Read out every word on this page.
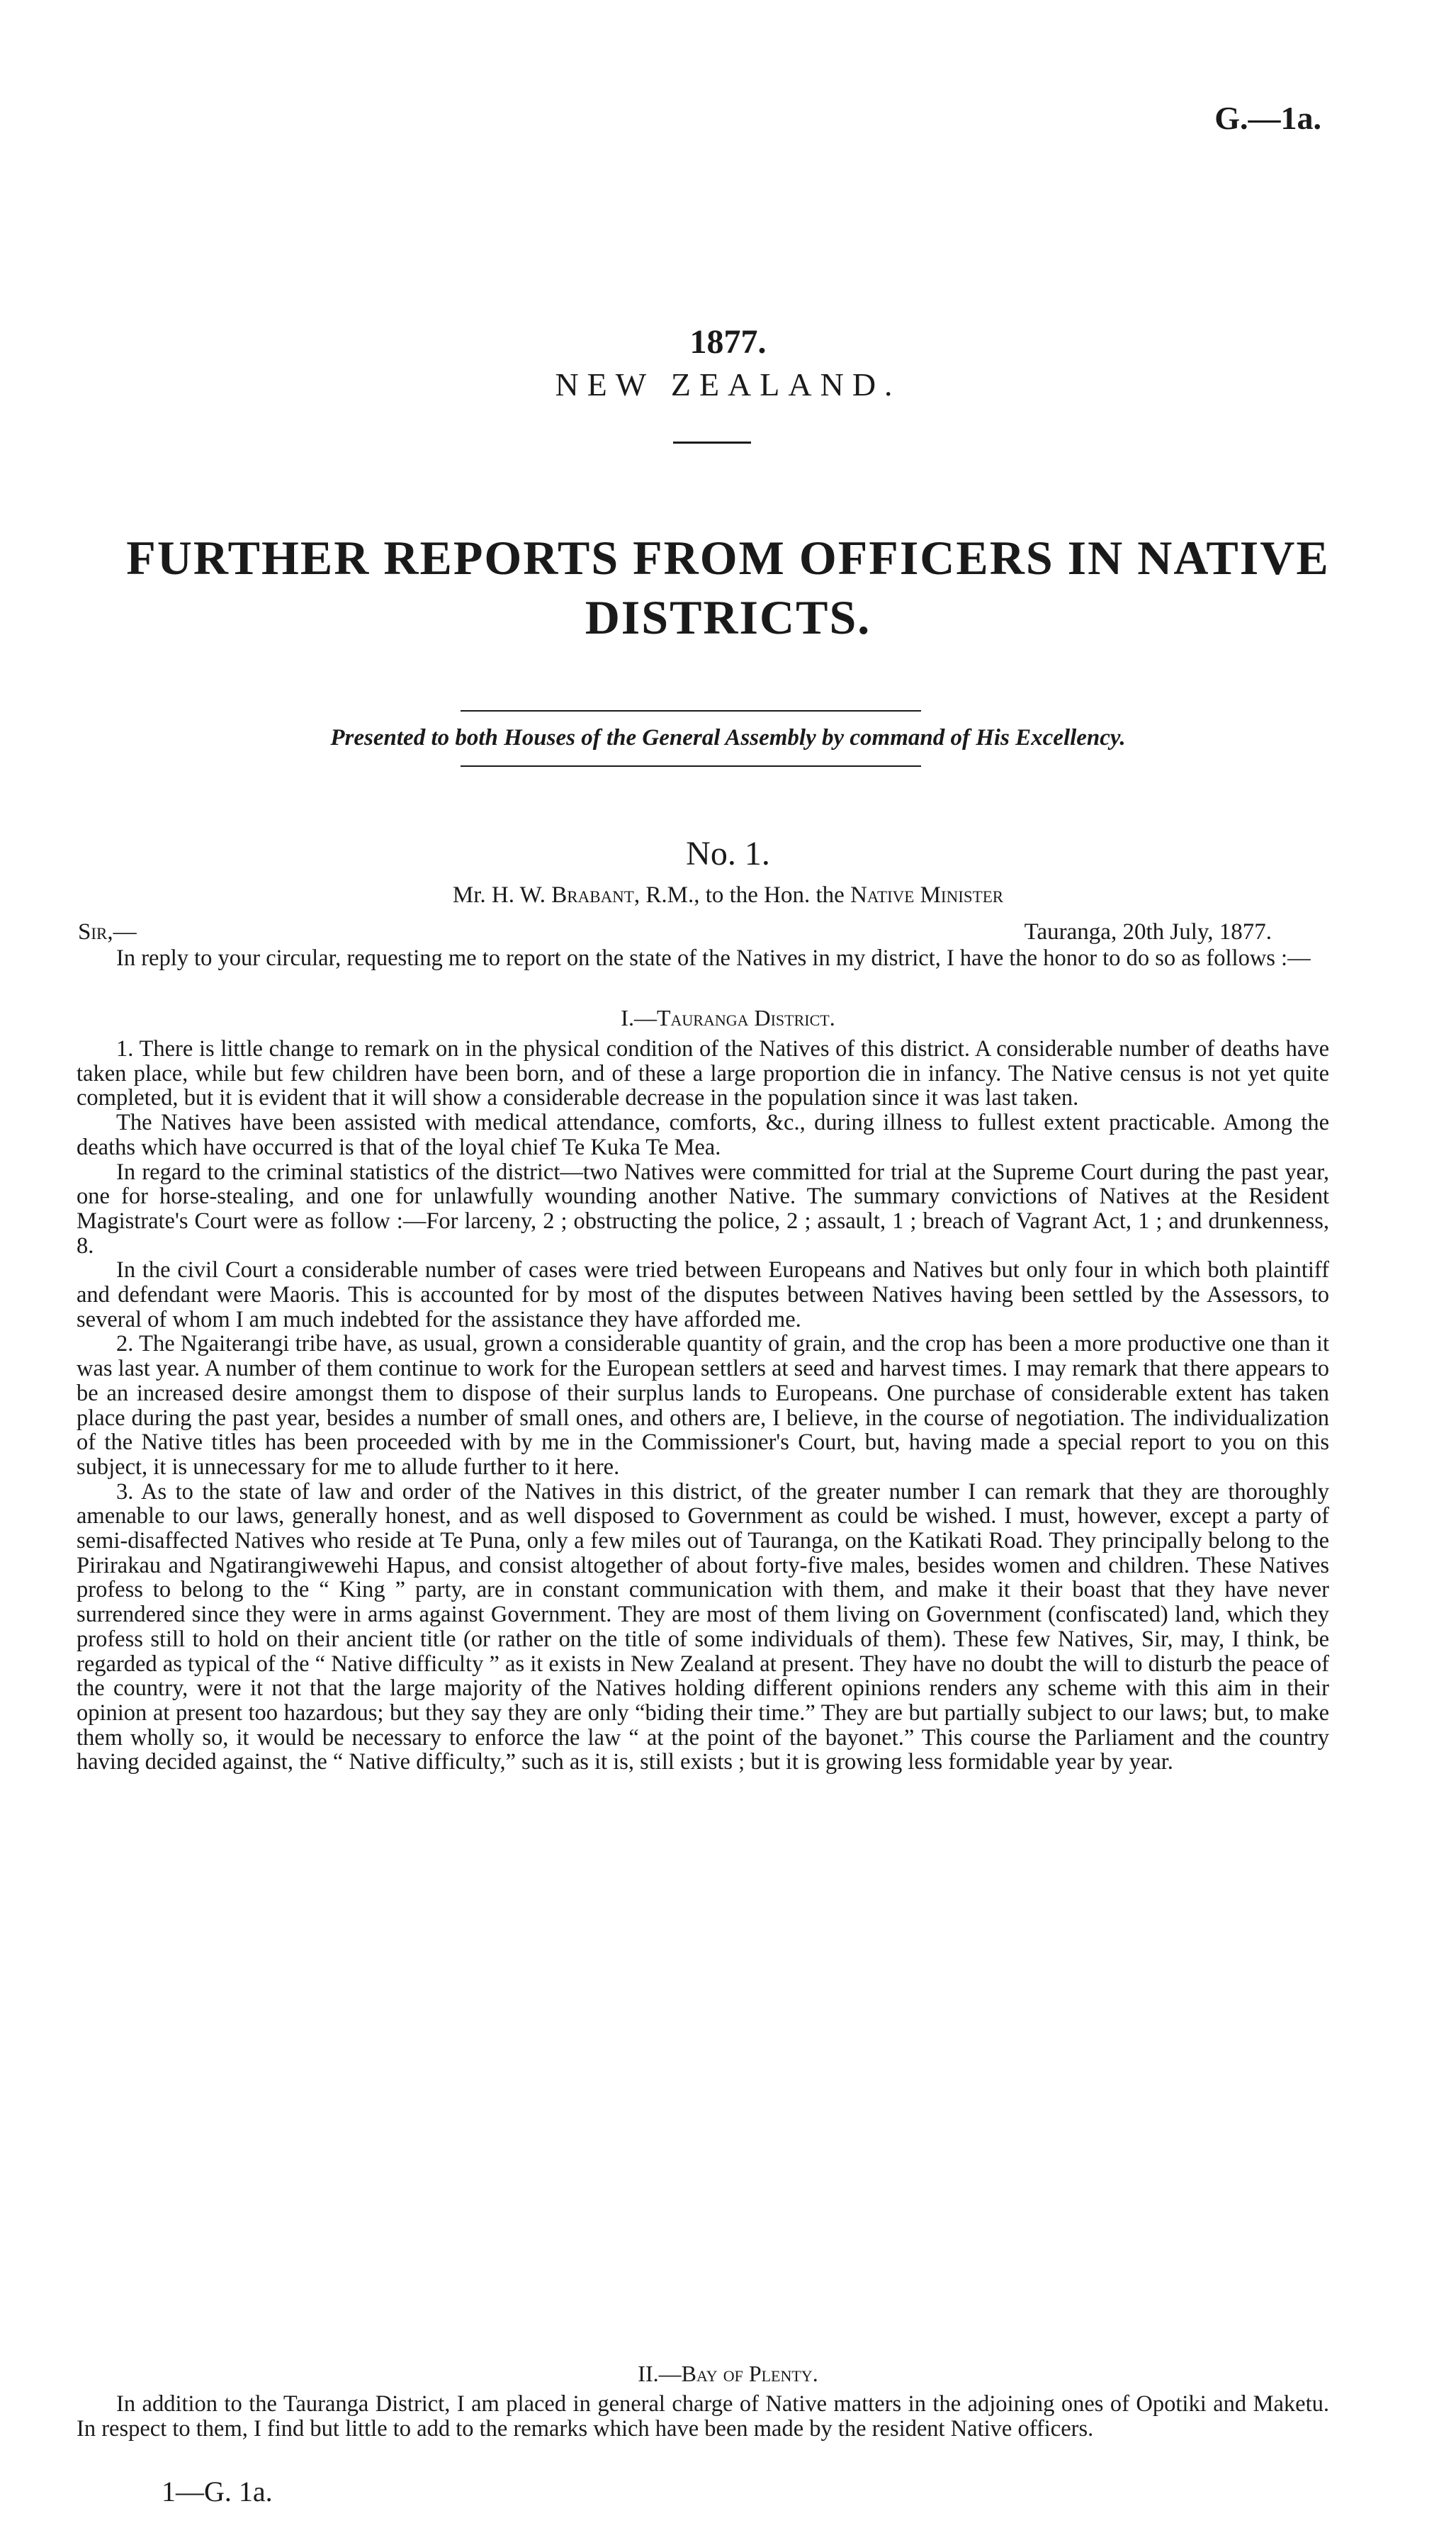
G.—1a.
1877.
NEW ZEALAND.
FURTHER REPORTS FROM OFFICERS IN NATIVE
DISTRICTS.
Presented to both Houses of the General Assembly by command of His Excellency.
No. 1.
Mr. H. W. Brabant, R.M., to the Hon. the Native Minister
Sir,—	Tauranga, 20th July, 1877.

In reply to your circular, requesting me to report on the state of the Natives in my district, I have the honor to do so as follows :—

I.—Tauranga District.

1. There is little change to remark on in the physical condition of the Natives of this district. A considerable number of deaths have taken place, while but few children have been born, and of these a large proportion die in infancy. The Native census is not yet quite completed, but it is evident that it will show a considerable decrease in the population since it was last taken.

The Natives have been assisted with medical attendance, comforts, &c., during illness to fullest extent practicable. Among the deaths which have occurred is that of the loyal chief Te Kuka Te Mea.

In regard to the criminal statistics of the district—two Natives were committed for trial at the Supreme Court during the past year, one for horse-stealing, and one for unlawfully wounding another Native. The summary convictions of Natives at the Resident Magistrate's Court were as follow :—For larceny, 2 ; obstructing the police, 2 ; assault, 1 ; breach of Vagrant Act, 1 ; and drunkenness, 8.

In the civil Court a considerable number of cases were tried between Europeans and Natives but only four in which both plaintiff and defendant were Maoris. This is accounted for by most of the disputes between Natives having been settled by the Assessors, to several of whom I am much indebted for the assistance they have afforded me.

2. The Ngaiterangi tribe have, as usual, grown a considerable quantity of grain, and the crop has been a more productive one than it was last year. A number of them continue to work for the European settlers at seed and harvest times. I may remark that there appears to be an increased desire amongst them to dispose of their surplus lands to Europeans. One purchase of considerable extent has taken place during the past year, besides a number of small ones, and others are, I believe, in the course of negotiation. The individualization of the Native titles has been proceeded with by me in the Commissioner's Court, but, having made a special report to you on this subject, it is unnecessary for me to allude further to it here.

3. As to the state of law and order of the Natives in this district, of the greater number I can remark that they are thoroughly amenable to our laws, generally honest, and as well disposed to Government as could be wished. I must, however, except a party of semi-disaffected Natives who reside at Te Puna, only a few miles out of Tauranga, on the Katikati Road. They principally belong to the Pirirakau and Ngatirangiwewehi Hapus, and consist altogether of about forty-five males, besides women and children. These Natives profess to belong to the “ King ” party, are in constant communication with them, and make it their boast that they have never surrendered since they were in arms against Government. They are most of them living on Government (confiscated) land, which they profess still to hold on their ancient title (or rather on the title of some individuals of them). These few Natives, Sir, may, I think, be regarded as typical of the “ Native difficulty ” as it exists in New Zealand at present. They have no doubt the will to disturb the peace of the country, were it not that the large majority of the Natives holding different opinions renders any scheme with this aim in their opinion at present too hazardous; but they say they are only “biding their time.” They are but partially subject to our laws; but, to make them wholly so, it would be necessary to enforce the law “ at the point of the bayonet.” This course the Parliament and the country having decided against, the “ Native difficulty,” such as it is, still exists ; but it is growing less formidable year by year.

II.—Bay of Plenty.

In addition to the Tauranga District, I am placed in general charge of Native matters in the adjoining ones of Opotiki and Maketu. In respect to them, I find but little to add to the remarks which have been made by the resident Native officers.

1—G. 1a.
